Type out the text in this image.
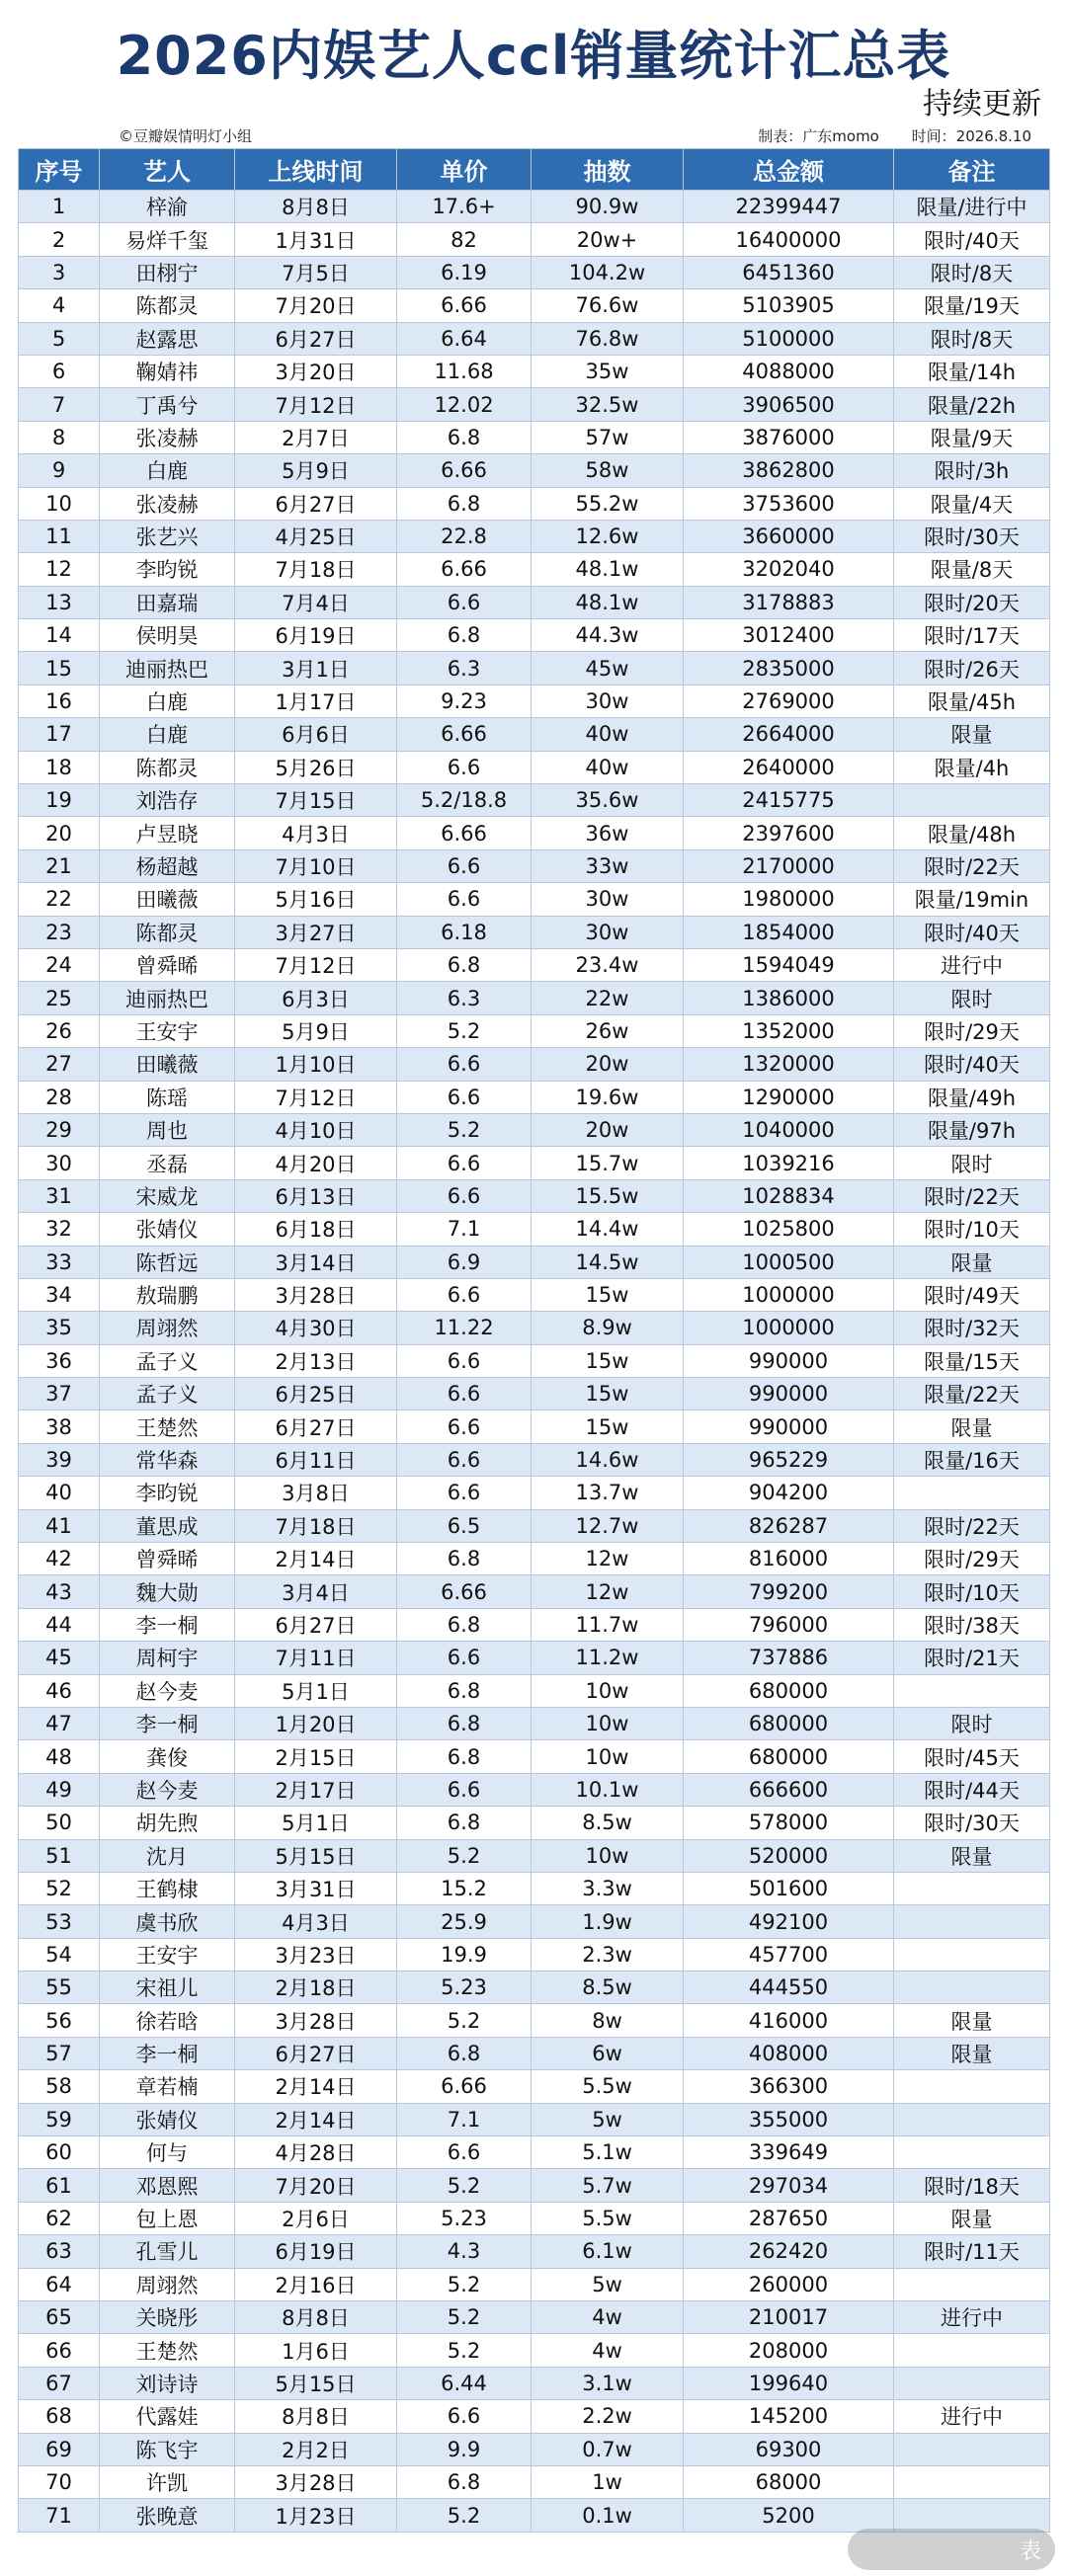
2026内娱艺人ccl销量统计汇总表
持续更新
©豆瓣娱情明灯小组	制表：广东momo 时间：2026.8.10
序号	艺人	上线时间	单价	抽数	总金额	备注
1	梓渝	8月8日	17.6+	90.9w	22399447	限量/进行中
2	易烊千玺	1月31日	82	20w+	16400000	限时/40天
3	田栩宁	7月5日	6.19	104.2w	6451360	限时/8天
4	陈都灵	7月20日	6.66	76.6w	5103905	限量/19天
5	赵露思	6月27日	6.64	76.8w	5100000	限时/8天
6	鞠婧祎	3月20日	11.68	35w	4088000	限量/14h
7	丁禹兮	7月12日	12.02	32.5w	3906500	限量/22h
8	张凌赫	2月7日	6.8	57w	3876000	限量/9天
9	白鹿	5月9日	6.66	58w	3862800	限时/3h
10	张凌赫	6月27日	6.8	55.2w	3753600	限量/4天
11	张艺兴	4月25日	22.8	12.6w	3660000	限时/30天
12	李昀锐	7月18日	6.66	48.1w	3202040	限量/8天
13	田嘉瑞	7月4日	6.6	48.1w	3178883	限时/20天
14	侯明昊	6月19日	6.8	44.3w	3012400	限时/17天
15	迪丽热巴	3月1日	6.3	45w	2835000	限时/26天
16	白鹿	1月17日	9.23	30w	2769000	限量/45h
17	白鹿	6月6日	6.66	40w	2664000	限量
18	陈都灵	5月26日	6.6	40w	2640000	限量/4h
19	刘浩存	7月15日	5.2/18.8	35.6w	2415775	
20	卢昱晓	4月3日	6.66	36w	2397600	限量/48h
21	杨超越	7月10日	6.6	33w	2170000	限时/22天
22	田曦薇	5月16日	6.6	30w	1980000	限量/19min
23	陈都灵	3月27日	6.18	30w	1854000	限时/40天
24	曾舜晞	7月12日	6.8	23.4w	1594049	进行中
25	迪丽热巴	6月3日	6.3	22w	1386000	限时
26	王安宇	5月9日	5.2	26w	1352000	限时/29天
27	田曦薇	1月10日	6.6	20w	1320000	限时/40天
28	陈瑶	7月12日	6.6	19.6w	1290000	限量/49h
29	周也	4月10日	5.2	20w	1040000	限量/97h
30	丞磊	4月20日	6.6	15.7w	1039216	限时
31	宋威龙	6月13日	6.6	15.5w	1028834	限时/22天
32	张婧仪	6月18日	7.1	14.4w	1025800	限时/10天
33	陈哲远	3月14日	6.9	14.5w	1000500	限量
34	敖瑞鹏	3月28日	6.6	15w	1000000	限时/49天
35	周翊然	4月30日	11.22	8.9w	1000000	限时/32天
36	孟子义	2月13日	6.6	15w	990000	限量/15天
37	孟子义	6月25日	6.6	15w	990000	限量/22天
38	王楚然	6月27日	6.6	15w	990000	限量
39	常华森	6月11日	6.6	14.6w	965229	限量/16天
40	李昀锐	3月8日	6.6	13.7w	904200	
41	董思成	7月18日	6.5	12.7w	826287	限时/22天
42	曾舜晞	2月14日	6.8	12w	816000	限时/29天
43	魏大勋	3月4日	6.66	12w	799200	限时/10天
44	李一桐	6月27日	6.8	11.7w	796000	限时/38天
45	周柯宇	7月11日	6.6	11.2w	737886	限时/21天
46	赵今麦	5月1日	6.8	10w	680000	
47	李一桐	1月20日	6.8	10w	680000	限时
48	龚俊	2月15日	6.8	10w	680000	限时/45天
49	赵今麦	2月17日	6.6	10.1w	666600	限时/44天
50	胡先煦	5月1日	6.8	8.5w	578000	限时/30天
51	沈月	5月15日	5.2	10w	520000	限量
52	王鹤棣	3月31日	15.2	3.3w	501600	
53	虞书欣	4月3日	25.9	1.9w	492100	
54	王安宇	3月23日	19.9	2.3w	457700	
55	宋祖儿	2月18日	5.23	8.5w	444550	
56	徐若晗	3月28日	5.2	8w	416000	限量
57	李一桐	6月27日	6.8	6w	408000	限量
58	章若楠	2月14日	6.66	5.5w	366300	
59	张婧仪	2月14日	7.1	5w	355000	
60	何与	4月28日	6.6	5.1w	339649	
61	邓恩熙	7月20日	5.2	5.7w	297034	限时/18天
62	包上恩	2月6日	5.23	5.5w	287650	限量
63	孔雪儿	6月19日	4.3	6.1w	262420	限时/11天
64	周翊然	2月16日	5.2	5w	260000	
65	关晓彤	8月8日	5.2	4w	210017	进行中
66	王楚然	1月6日	5.2	4w	208000	
67	刘诗诗	5月15日	6.44	3.1w	199640	
68	代露娃	8月8日	6.6	2.2w	145200	进行中
69	陈飞宇	2月2日	9.9	0.7w	69300	
70	许凯	3月28日	6.8	1w	68000	
71	张晚意	1月23日	5.2	0.1w	5200	
表
